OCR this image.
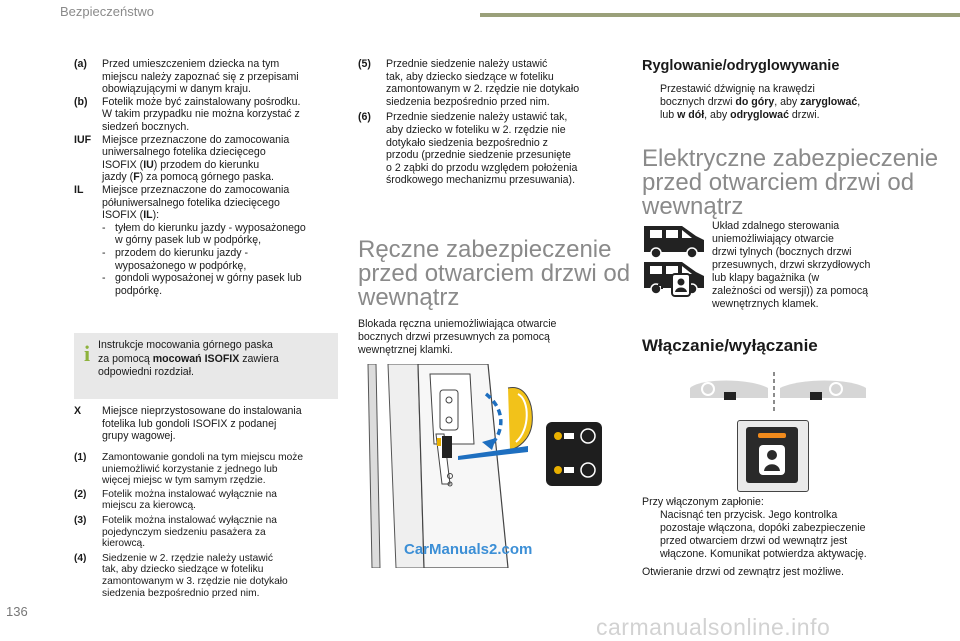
Bezpieczeństwo
(a) Przed umieszczeniem dziecka na tym
miejscu należy zapoznać się z przepisami
obowiązującymi w danym kraju.
(b) Fotelik może być zainstalowany pośrodku.
W takim przypadku nie można korzystać z
siedzeń bocznych.
IUF Miejsce przeznaczone do zamocowania
uniwersalnego fotelika dziecięcego
ISOFIX (IU) przodem do kierunku
jazdy (F) za pomocą górnego paska.
IL Miejsce przeznaczone do zamocowania
półuniwersalnego fotelika dziecięcego
ISOFIX (IL):
- tyłem do kierunku jazdy - wyposażonego
w górny pasek lub w podpórkę,
- przodem do kierunku jazdy -
wyposażonego w podpórkę,
- gondoli wyposażonej w górny pasek lub
podpórkę.
i Instrukcje mocowania górnego paska
za pomocą mocowań ISOFIX zawiera
odpowiedni rozdział.
X Miejsce nieprzystosowane do instalowania
fotelika lub gondoli ISOFIX z podanej
grupy wagowej.
(1) Zamontowanie gondoli na tym miejscu może
uniemożliwić korzystanie z jednego lub
więcej miejsc w tym samym rzędzie.
(2) Fotelik można instalować wyłącznie na
miejscu za kierowcą.
(3) Fotelik można instalować wyłącznie na
pojedynczym siedzeniu pasażera za
kierowcą.
(4) Siedzenie w 2. rzędzie należy ustawić
tak, aby dziecko siedzące w foteliku
zamontowanym w 3. rzędzie nie dotykało
siedzenia bezpośrednio przed nim.
(5) Przednie siedzenie należy ustawić
tak, aby dziecko siedzące w foteliku
zamontowanym w 2. rzędzie nie dotykało
siedzenia bezpośrednio przed nim.
(6) Przednie siedzenie należy ustawić tak,
aby dziecko w foteliku w 2. rzędzie nie
dotykało siedzenia bezpośrednio z
przodu (przednie siedzenie przesunięte
o 2 ząbki do przodu względem położenia
środkowego mechanizmu przesuwania).
Ręczne zabezpieczenie
przed otwarciem drzwi od
wewnątrz
Blokada ręczna uniemożliwiająca otwarcie
bocznych drzwi przesuwnych za pomocą
wewnętrznej klamki.
CarManuals2.com
Ryglowanie/odryglowywanie
Przestawić dźwignię na krawędzi
bocznych drzwi do góry, aby zaryglować,
lub w dół, aby odryglować drzwi.
Elektryczne zabezpieczenie
przed otwarciem drzwi od
wewnątrz
Układ zdalnego sterowania
uniemożliwiający otwarcie
drzwi tylnych (bocznych drzwi
przesuwnych, drzwi skrzydłowych
lub klapy bagażnika (w
zależności od wersji)) za pomocą
wewnętrznych klamek.
Włączanie/wyłączanie
Przy włączonym zapłonie:
Nacisnąć ten przycisk. Jego kontrolka
pozostaje włączona, dopóki zabezpieczenie
przed otwarciem drzwi od wewnątrz jest
włączone. Komunikat potwierdza aktywację.
Otwieranie drzwi od zewnątrz jest możliwe.
136
carmanualsonline.info
